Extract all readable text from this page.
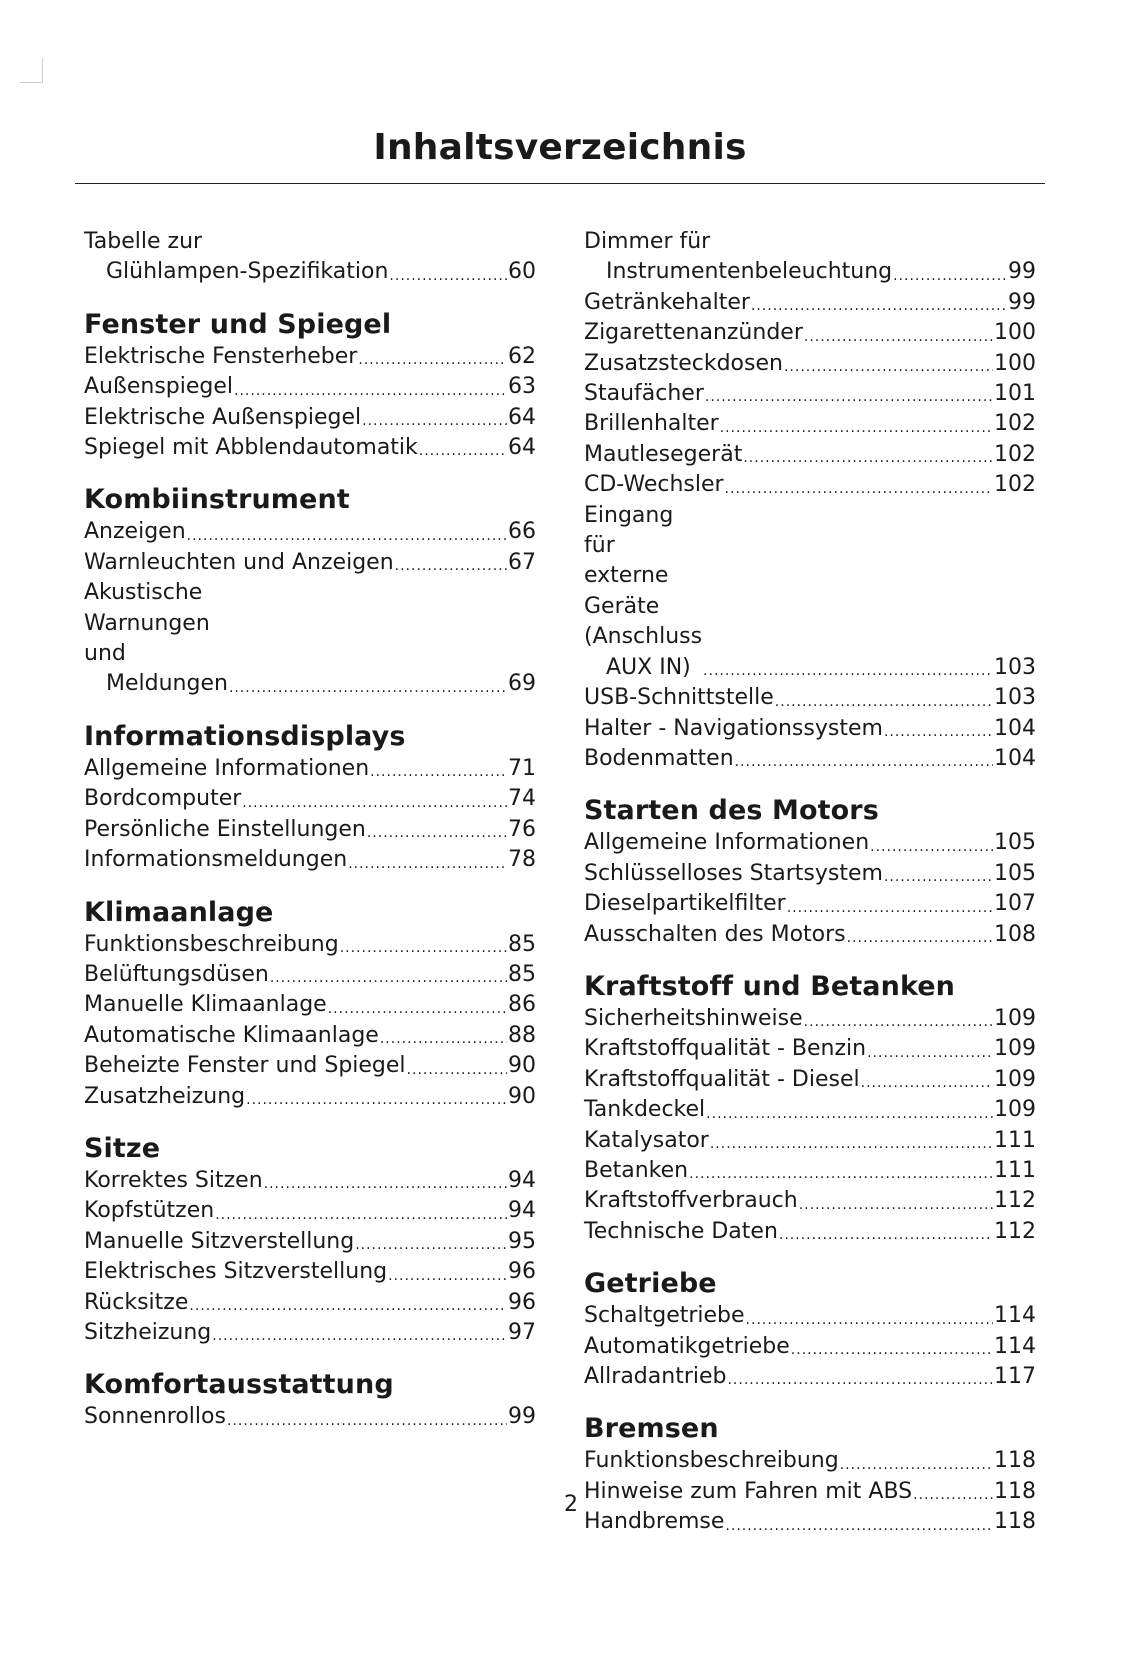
Inhaltsverzeichnis
Tabelle zur
Glühlampen-Spezifikation .....	60
Fenster und Spiegel
Elektrische Fensterheber .....	62
Außenspiegel .....	63
Elektrische Außenspiegel .....	64
Spiegel mit Abblendautomatik .....	64
Kombiinstrument
Anzeigen .....	66
Warnleuchten und Anzeigen .....	67
Akustische Warnungen und
Meldungen .....	69
Informationsdisplays
Allgemeine Informationen .....	71
Bordcomputer .....	74
Persönliche Einstellungen .....	76
Informationsmeldungen .....	78
Klimaanlage
Funktionsbeschreibung .....	85
Belüftungsdüsen .....	85
Manuelle Klimaanlage .....	86
Automatische Klimaanlage .....	88
Beheizte Fenster und Spiegel .....	90
Zusatzheizung .....	90
Sitze
Korrektes Sitzen .....	94
Kopfstützen .....	94
Manuelle Sitzverstellung .....	95
Elektrisches Sitzverstellung .....	96
Rücksitze .....	96
Sitzheizung .....	97
Komfortausstattung
Sonnenrollos .....	99
Dimmer für
Instrumentenbeleuchtung .....	99
Getränkehalter .....	99
Zigarettenanzünder .....	100
Zusatzsteckdosen .....	100
Staufächer .....	101
Brillenhalter .....	102
Mautlesegerät .....	102
CD-Wechsler .....	102
Eingang für externe Geräte (Anschluss
AUX IN) .....	103
USB-Schnittstelle .....	103
Halter - Navigationssystem .....	104
Bodenmatten .....	104
Starten des Motors
Allgemeine Informationen .....	105
Schlüsselloses Startsystem .....	105
Dieselpartikelfilter .....	107
Ausschalten des Motors .....	108
Kraftstoff und Betanken
Sicherheitshinweise .....	109
Kraftstoffqualität - Benzin .....	109
Kraftstoffqualität - Diesel .....	109
Tankdeckel .....	109
Katalysator .....	111
Betanken .....	111
Kraftstoffverbrauch .....	112
Technische Daten .....	112
Getriebe
Schaltgetriebe .....	114
Automatikgetriebe .....	114
Allradantrieb .....	117
Bremsen
Funktionsbeschreibung .....	118
Hinweise zum Fahren mit ABS .....	118
Handbremse .....	118
2
